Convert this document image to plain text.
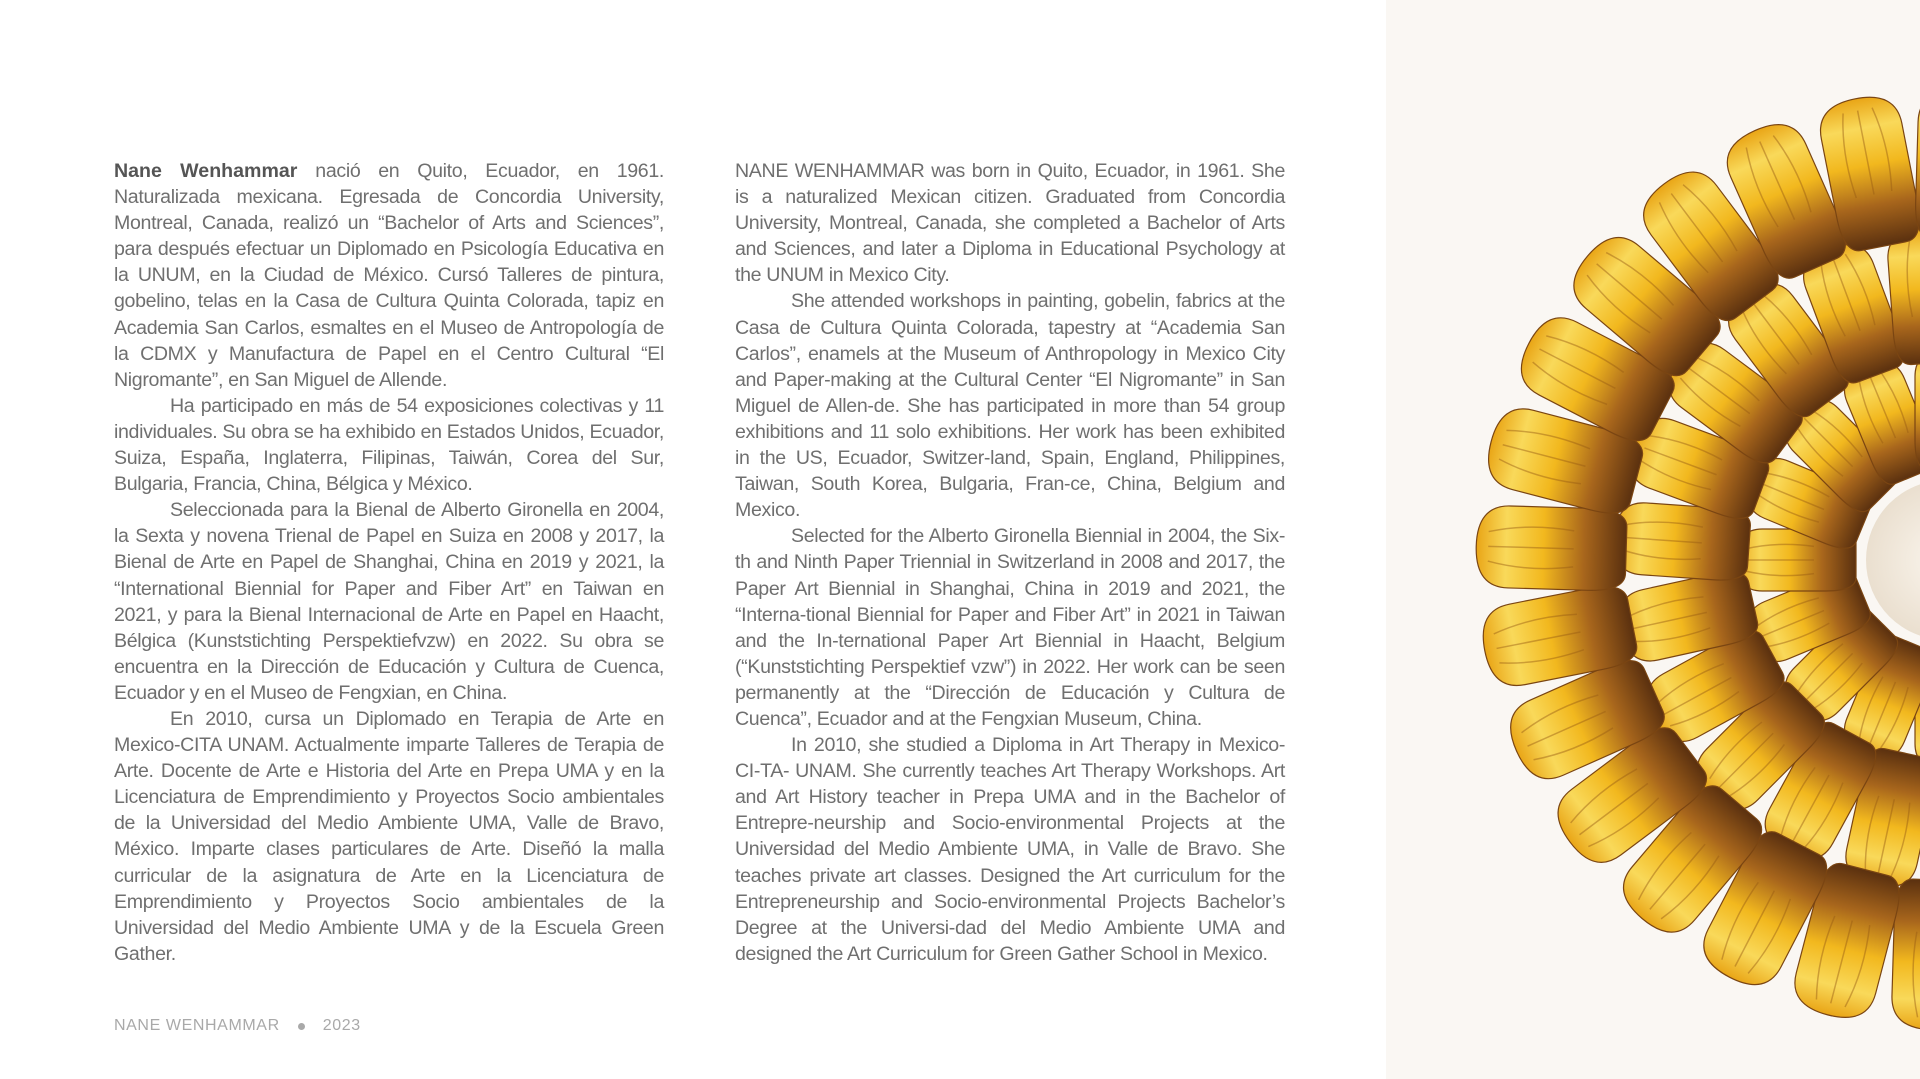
Nane Wenhammar nació en Quito, Ecuador, en 1961. Naturalizada mexicana. Egresada de Concordia University, Montreal, Canada, realizó un “Bachelor of Arts and Sciences”, para después efectuar un Diplomado en Psicología Educativa en la UNUM, en la Ciudad de México. Cursó Talleres de pintura, gobelino, telas en la Casa de Cultura Quinta Colorada, tapiz en Academia San Carlos, esmaltes en el Museo de Antropología de la CDMX y Manufactura de Papel en el Centro Cultural “El Nigromante”, en San Miguel de Allende.

Ha participado en más de 54 exposiciones colectivas y 11 individuales. Su obra se ha exhibido en Estados Unidos, Ecuador, Suiza, España, Inglaterra, Filipinas, Taiwán, Corea del Sur, Bulgaria, Francia, China, Bélgica y México.

Seleccionada para la Bienal de Alberto Gironella en 2004, la Sexta y novena Trienal de Papel en Suiza en 2008 y 2017, la Bienal de Arte en Papel de Shanghai, China en 2019 y 2021, la “International Biennial for Paper and Fiber Art” en Taiwan en 2021, y para la Bienal Internacional de Arte en Papel en Haacht, Bélgica (Kunststichting Perspektiefvzw) en 2022. Su obra se encuentra en la Dirección de Educación y Cultura de Cuenca, Ecuador y en el Museo de Fengxian, en China.

En 2010, cursa un Diplomado en Terapia de Arte en Mexico-CITA UNAM. Actualmente imparte Talleres de Terapia de Arte. Docente de Arte e Historia del Arte en Prepa UMA y en la Licenciatura de Emprendimiento y Proyectos Socio ambientales de la Universidad del Medio Ambiente UMA, Valle de Bravo, México. Imparte clases particulares de Arte. Diseñó la malla curricular de la asignatura de Arte en la Licenciatura de Emprendimiento y Proyectos Socio ambientales de la Universidad del Medio Ambiente UMA y de la Escuela Green Gather.

NANE WENHAMMAR was born in Quito, Ecuador, in 1961. She is a naturalized Mexican citizen. Graduated from Concordia University, Montreal, Canada, she completed a Bachelor of Arts and Sciences, and later a Diploma in Educational Psychology at the UNUM in Mexico City.

She attended workshops in painting, gobelin, fabrics at the Casa de Cultura Quinta Colorada, tapestry at “Academia San Carlos”, enamels at the Museum of Anthropology in Mexico City and Paper-making at the Cultural Center “El Nigromante” in San Miguel de Allen-de. She has participated in more than 54 group exhibitions and 11 solo exhibitions. Her work has been exhibited in the US, Ecuador, Switzer-land, Spain, England, Philippines, Taiwan, South Korea, Bulgaria, Fran-ce, China, Belgium and Mexico.

Selected for the Alberto Gironella Biennial in 2004, the Six-th and Ninth Paper Triennial in Switzerland in 2008 and 2017, the Paper Art Biennial in Shanghai, China in 2019 and 2021, the “Interna-tional Biennial for Paper and Fiber Art” in 2021 in Taiwan and the In-ternational Paper Art Biennial in Haacht, Belgium (“Kunststichting Perspektief vzw”) in 2022. Her work can be seen permanently at the “Dirección de Educación y Cultura de Cuenca”, Ecuador and at the Fengxian Museum, China.

In 2010, she studied a Diploma in Art Therapy in Mexico-CI-TA- UNAM. She currently teaches Art Therapy Workshops. Art and Art History teacher in Prepa UMA and in the Bachelor of Entrepre-neurship and Socio-environmental Projects at the Universidad del Medio Ambiente UMA, in Valle de Bravo. She teaches private art classes. Designed the Art curriculum for the Entrepreneurship and Socio-environmental Projects Bachelor’s Degree at the Universi-dad del Medio Ambiente UMA and designed the Art Curriculum for Green Gather School in Mexico.

NANE WENHAMMAR	2023
